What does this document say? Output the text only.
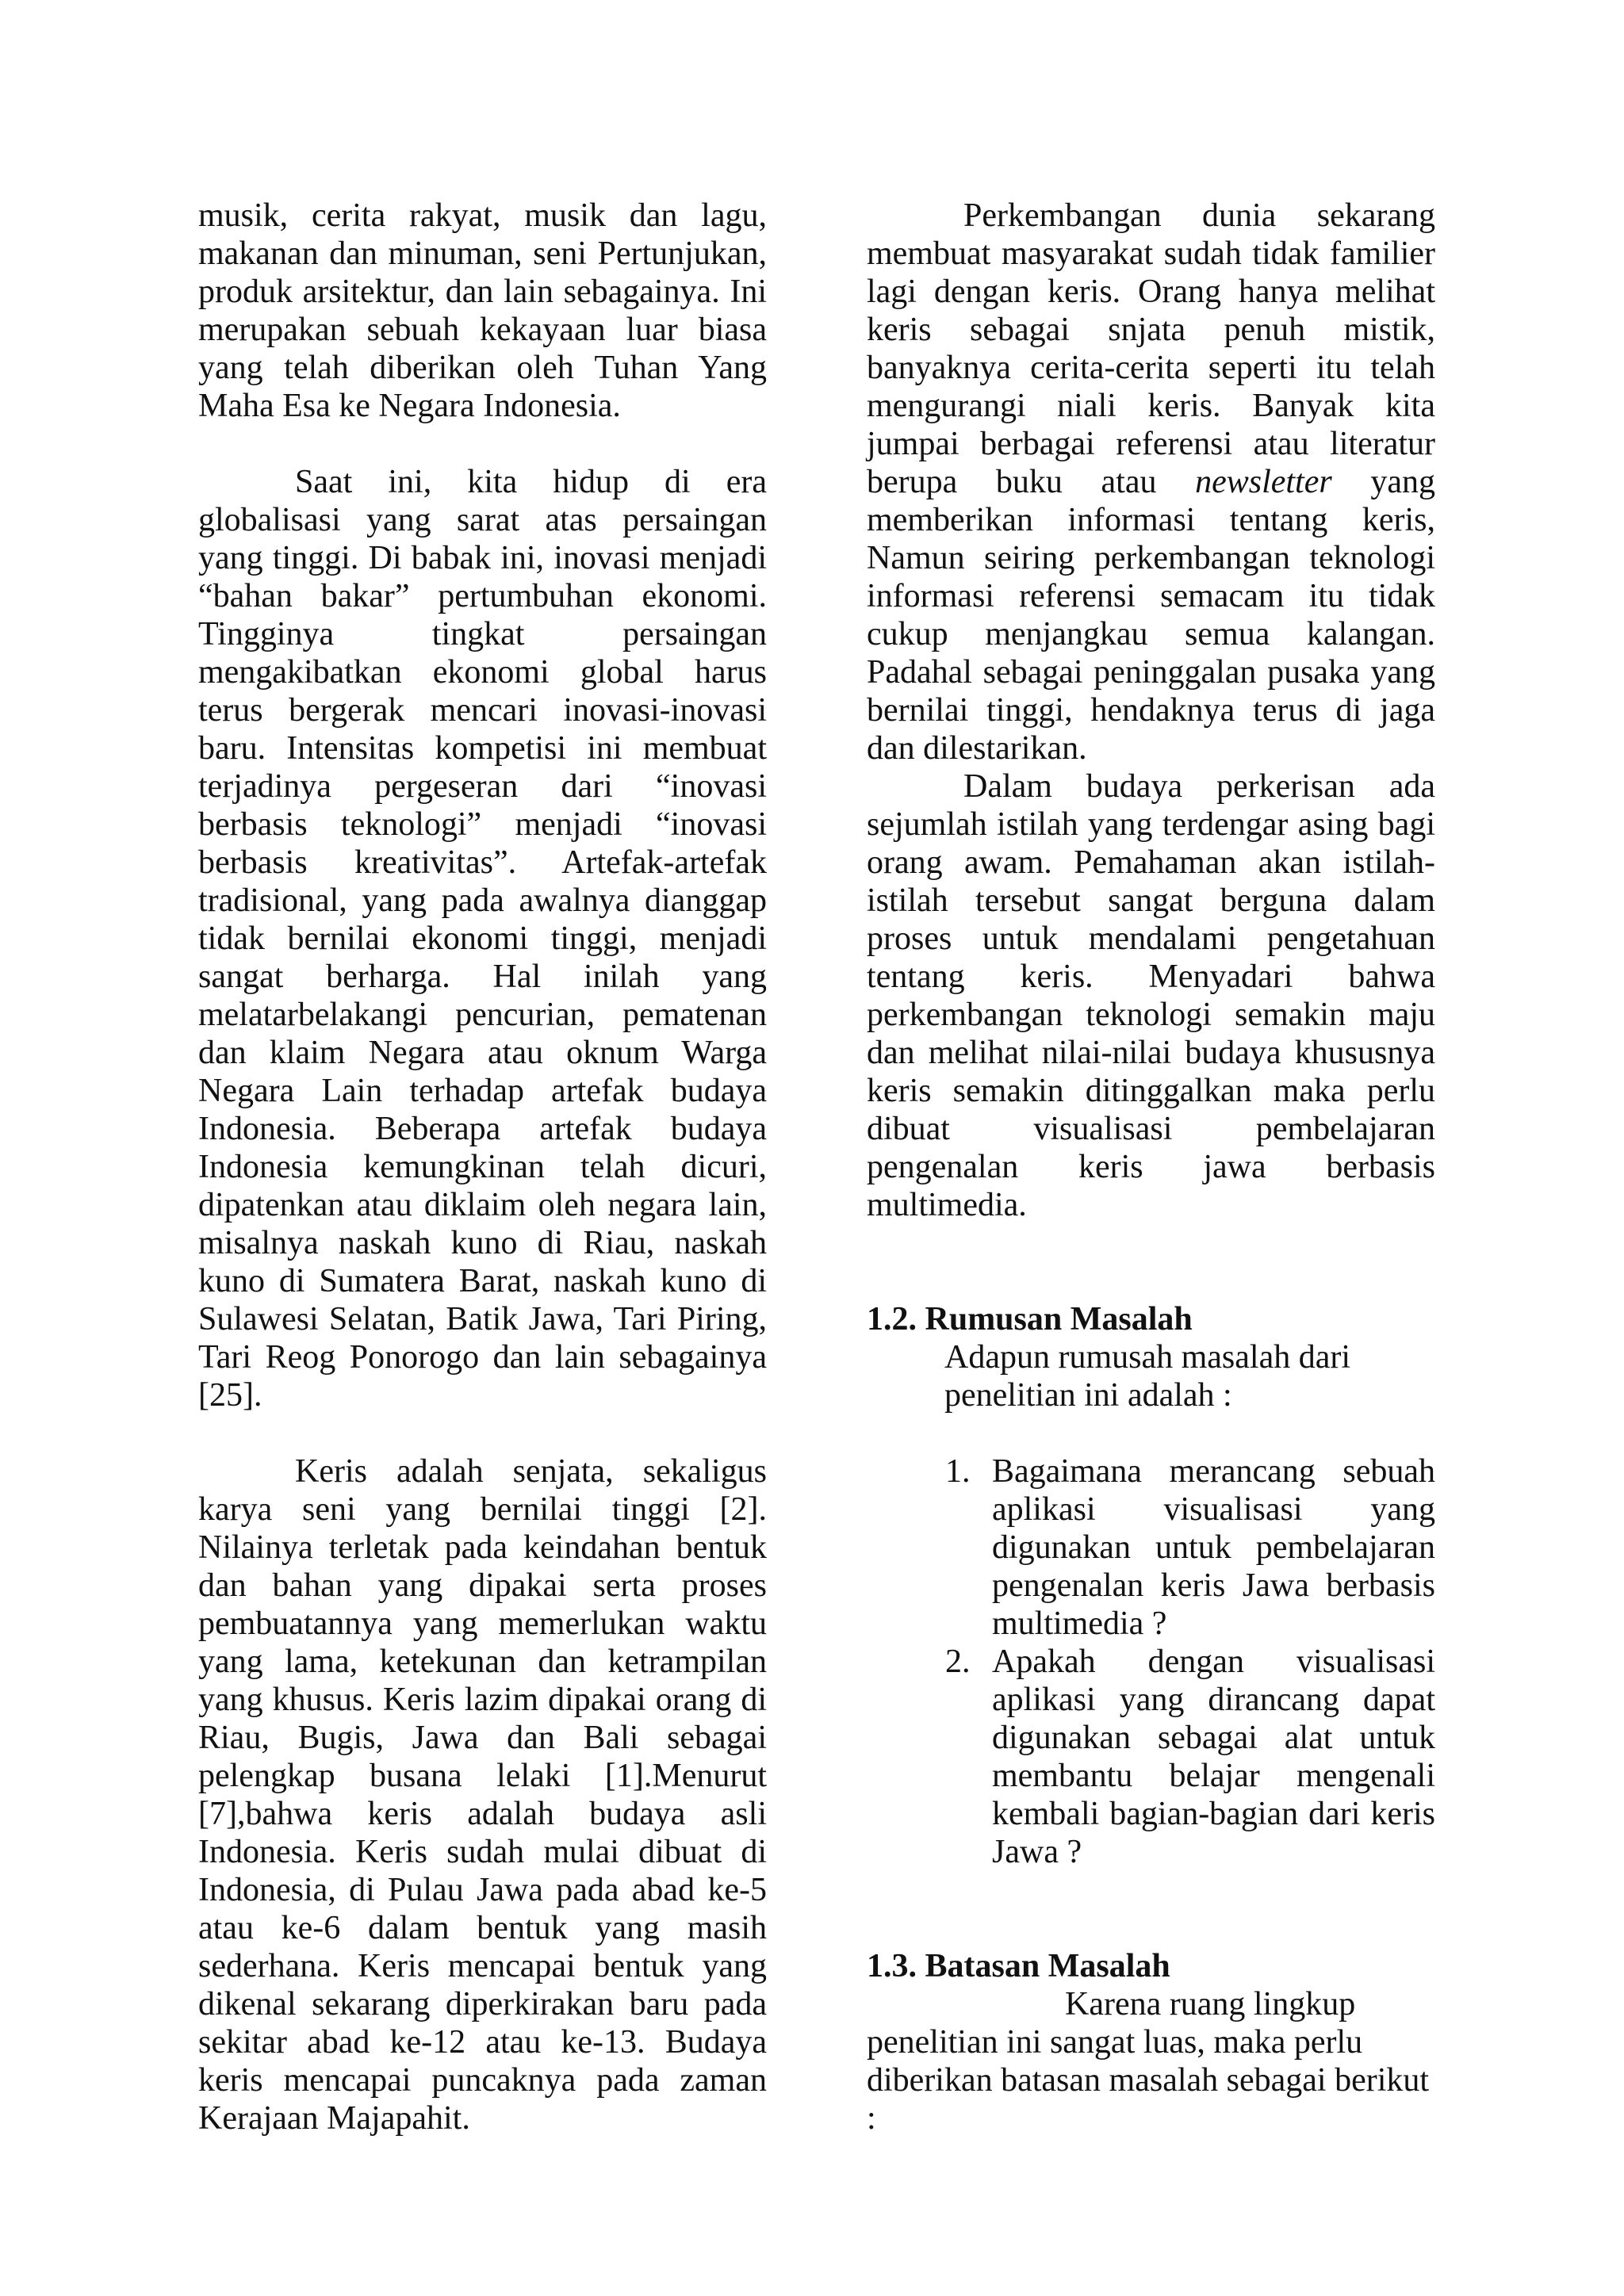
musik, cerita rakyat, musik dan lagu, makanan dan minuman, seni Pertunjukan, produk arsitektur, dan lain sebagainya. Ini merupakan sebuah kekayaan luar biasa yang telah diberikan oleh Tuhan Yang Maha Esa ke Negara Indonesia.

Saat ini, kita hidup di era globalisasi yang sarat atas persaingan yang tinggi. Di babak ini, inovasi menjadi “bahan bakar” pertumbuhan ekonomi. Tingginya tingkat persaingan mengakibatkan ekonomi global harus terus bergerak mencari inovasi-inovasi baru. Intensitas kompetisi ini membuat terjadinya pergeseran dari “inovasi berbasis teknologi” menjadi “inovasi berbasis kreativitas”. Artefak-artefak tradisional, yang pada awalnya dianggap tidak bernilai ekonomi tinggi, menjadi sangat berharga. Hal inilah yang melatarbelakangi pencurian, pematenan dan klaim Negara atau oknum Warga Negara Lain terhadap artefak budaya Indonesia. Beberapa artefak budaya Indonesia kemungkinan telah dicuri, dipatenkan atau diklaim oleh negara lain, misalnya naskah kuno di Riau, naskah kuno di Sumatera Barat, naskah kuno di Sulawesi Selatan, Batik Jawa, Tari Piring, Tari Reog Ponorogo dan lain sebagainya [25].

Keris adalah senjata, sekaligus karya seni yang bernilai tinggi [2]. Nilainya terletak pada keindahan bentuk dan bahan yang dipakai serta proses pembuatannya yang memerlukan waktu yang lama, ketekunan dan ketrampilan yang khusus. Keris lazim dipakai orang di Riau, Bugis, Jawa dan Bali sebagai pelengkap busana lelaki [1].Menurut [7],bahwa keris adalah budaya asli Indonesia. Keris sudah mulai dibuat di Indonesia, di Pulau Jawa pada abad ke-5 atau ke-6 dalam bentuk yang masih sederhana. Keris mencapai bentuk yang dikenal sekarang diperkirakan baru pada sekitar abad ke-12 atau ke-13. Budaya keris mencapai puncaknya pada zaman Kerajaan Majapahit.

Perkembangan dunia sekarang membuat masyarakat sudah tidak familier lagi dengan keris. Orang hanya melihat keris sebagai snjata penuh mistik, banyaknya cerita-cerita seperti itu telah mengurangi niali keris. Banyak kita jumpai berbagai referensi atau literatur berupa buku atau newsletter yang memberikan informasi tentang keris, Namun seiring perkembangan teknologi informasi referensi semacam itu tidak cukup menjangkau semua kalangan. Padahal sebagai peninggalan pusaka yang bernilai tinggi, hendaknya terus di jaga dan dilestarikan.

Dalam budaya perkerisan ada sejumlah istilah yang terdengar asing bagi orang awam. Pemahaman akan istilah-istilah tersebut sangat berguna dalam proses untuk mendalami pengetahuan tentang keris. Menyadari bahwa perkembangan teknologi semakin maju dan melihat nilai-nilai budaya khususnya keris semakin ditinggalkan maka perlu dibuat visualisasi pembelajaran pengenalan keris jawa berbasis multimedia.

1.2. Rumusan Masalah

Adapun rumusah masalah dari
penelitian ini adalah :

1. Bagaimana merancang sebuah aplikasi visualisasi yang digunakan untuk pembelajaran pengenalan keris Jawa berbasis multimedia ?
2. Apakah dengan visualisasi aplikasi yang dirancang dapat digunakan sebagai alat untuk membantu belajar mengenali kembali bagian-bagian dari keris Jawa ?
1.3. Batasan Masalah

Karena ruang lingkup
penelitian ini sangat luas, maka perlu
diberikan batasan masalah sebagai berikut
:
